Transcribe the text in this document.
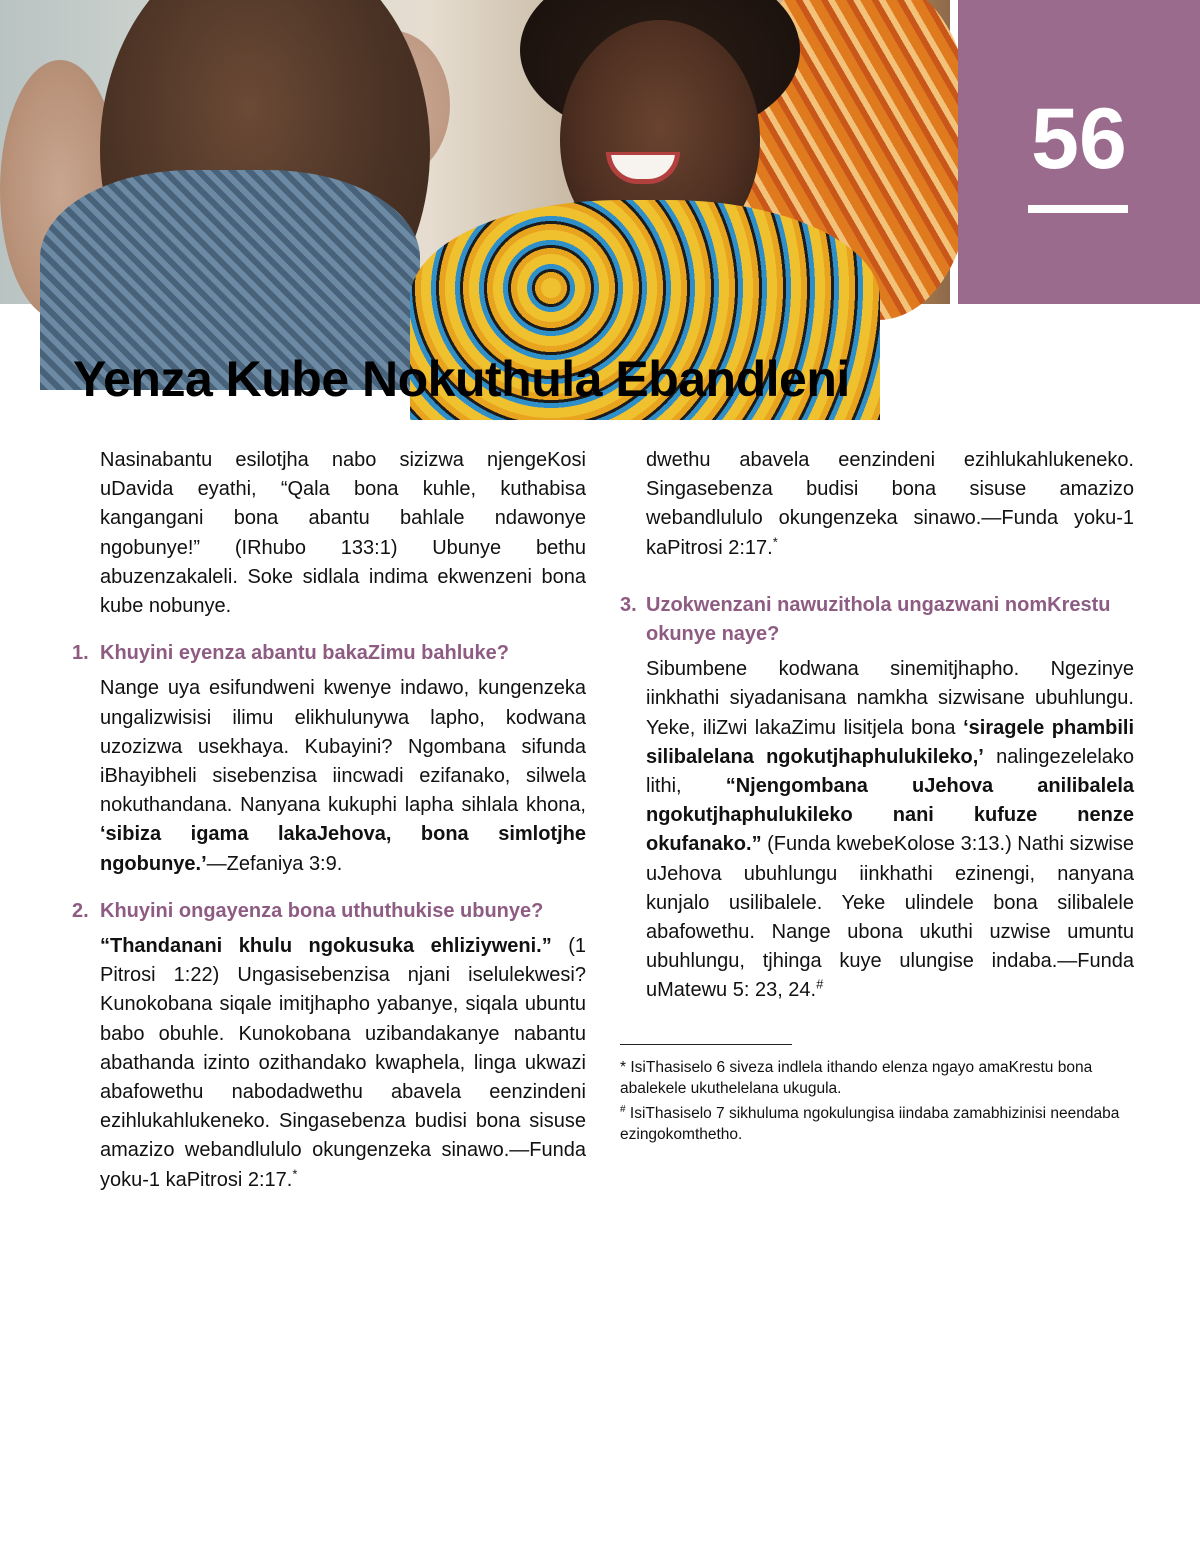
56
Yenza Kube Nokuthula Ebandleni

Nasinabantu esilotjha nabo sizizwa njengeKosi uDavida eyathi, “Qala bona kuhle, kuthabisa kangangani bona abantu bahlale ndawonye ngobunye!” (IRhubo 133:1) Ubunye bethu abuzenzakaleli. Soke sidlala indima ekwenzeni bona kube nobunye.

1. Khuyini eyenza abantu bakaZimu bahluke?

Nange uya esifundweni kwenye indawo, kungenzeka ungalizwisisi ilimu elikhulunywa lapho, kodwana uzozizwa usekhaya. Kubayini? Ngombana sifunda iBhayibheli sisebenzisa iincwadi ezifanako, silwela nokuthandana. Nanyana kukuphi lapha sihlala khona, ‘sibiza igama lakaJehova, bona simlotjhe ngobunye.’—Zefaniya 3:9.

2. Khuyini ongayenza bona uthuthukise ubunye?

“Thandanani khulu ngokusuka ehliziyweni.” (1 Pitrosi 1:22) Ungasisebenzisa njani iselulekwesi? Kunokobana siqale imitjhapho yabanye, siqala ubuntu babo obuhle. Kunokobana uzibandakanye nabantu abathanda izinto ozithandako kwaphela, linga ukwazi abafowethu nabodadwethu abavela eenzindeni ezihlukahlukeneko. Singasebenza budisi bona sisuse amazizo webandlululo okungenzeka sinawo.—Funda yoku-1 kaPitrosi 2:17.*

dwethu abavela eenzindeni ezihlukahlukeneko. Singasebenza budisi bona sisuse amazizo webandlululo okungenzeka sinawo.—Funda yoku-1 kaPitrosi 2:17.*

3. Uzokwenzani nawuzithola ungazwani nomKrestu okunye naye?

Sibumbene kodwana sinemitjhapho. Ngezinye iinkhathi siyadanisana namkha sizwisane ubuhlungu. Yeke, iliZwi lakaZimu lisitjela bona ‘siragele phambili silibalelana ngokutjhaphulukileko,’ nalingezelelako lithi, “Njengombana uJehova anilibalela ngokutjhaphulukileko nani kufuze nenze okufanako.” (Funda kwebeKolose 3:13.) Nathi sizwise uJehova ubuhlungu iinkhathi ezinengi, nanyana kunjalo usilibalele. Yeke ulindele bona silibalele abafowethu. Nange ubona ukuthi uzwise umuntu ubuhlungu, tjhinga kuye ulungise indaba.—Funda uMatewu 5: 23, 24.#

* IsiThasiselo 6 siveza indlela ithando elenza ngayo amaKrestu bona abalekele ukuthelelana ukugula.

# IsiThasiselo 7 sikhuluma ngokulungisa iindaba zamabhizinisi neendaba ezingokomthetho.
